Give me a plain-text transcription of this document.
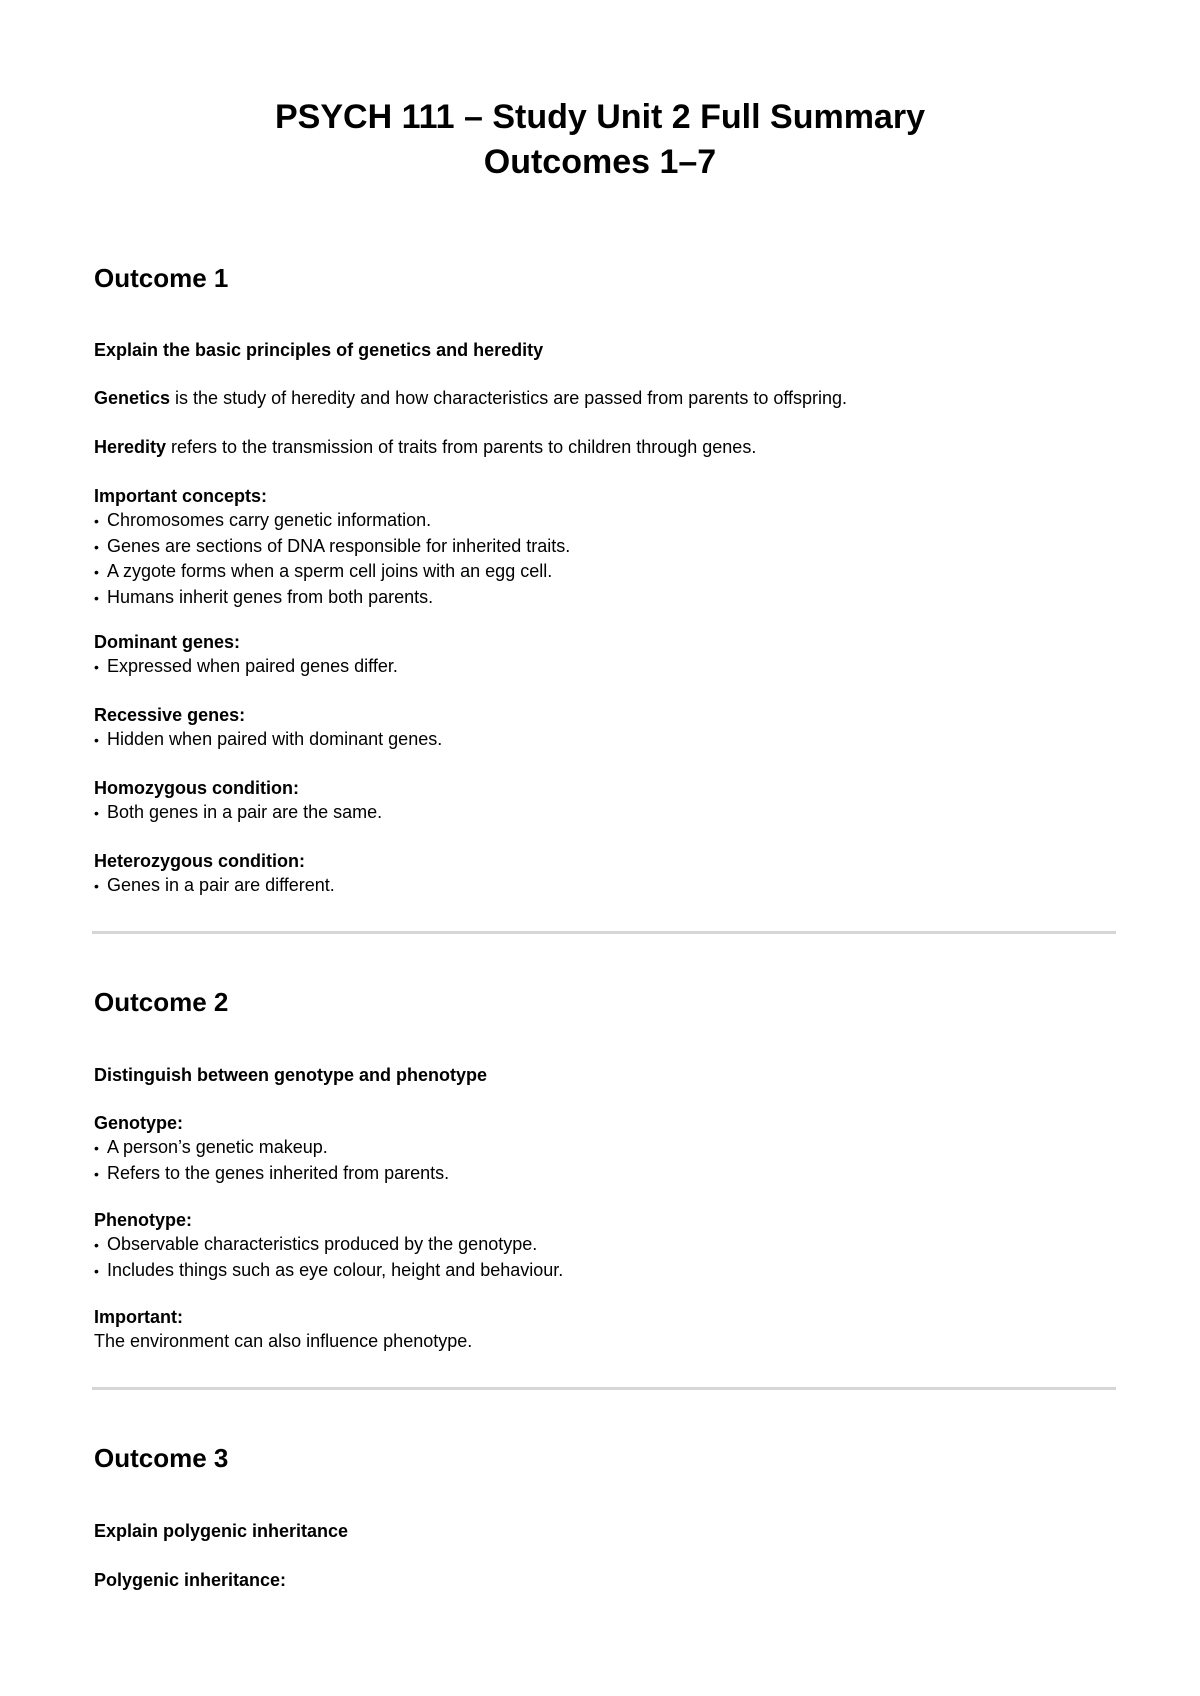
PSYCH 111 – Study Unit 2 Full Summary
Outcomes 1–7
Outcome 1

Explain the basic principles of genetics and heredity

Genetics is the study of heredity and how characteristics are passed from parents to offspring.

Heredity refers to the transmission of traits from parents to children through genes.

Important concepts:

• Chromosomes carry genetic information.
• Genes are sections of DNA responsible for inherited traits.
• A zygote forms when a sperm cell joins with an egg cell.
• Humans inherit genes from both parents.

Dominant genes:

• Expressed when paired genes differ.

Recessive genes:

• Hidden when paired with dominant genes.

Homozygous condition:

• Both genes in a pair are the same.

Heterozygous condition:

• Genes in a pair are different.
Outcome 2

Distinguish between genotype and phenotype

Genotype:

• A person’s genetic makeup.
• Refers to the genes inherited from parents.

Phenotype:

• Observable characteristics produced by the genotype.
• Includes things such as eye colour, height and behaviour.

Important:

The environment can also influence phenotype.

Outcome 3

Explain polygenic inheritance

Polygenic inheritance:
